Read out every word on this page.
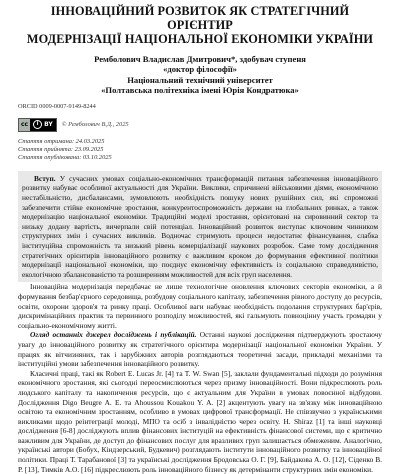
ІННОВАЦІЙНИЙ РОЗВИТОК ЯК СТРАТЕГІЧНИЙ ОРІЄНТИР
МОДЕРНІЗАЦІЇ НАЦІОНАЛЬНОЇ ЕКОНОМІКИ УКРАЇНИ
Ремболович Владислав Дмитрович*, здобувач ступеня
«доктор філософії»
Національний технічний університет
«Полтавська політехніка імені Юрія Кондратюка»
ORCID 0009-0007-9149-8244
cc	i BY © Ремболович В.Д., 2025
Стаття отримана: 24.03.2025
Стаття прийнята: 23.09.2025
Стаття опублікована: 03.10.2025
Вступ. У сучасних умовах соціально-економічних трансформацій питання забезпечення інноваційного розвитку набуває особливої актуальності для України. Виклики, спричинені військовими діями, економічною нестабільністю, дисбалансами, зумовлюють необхідність пошуку нових рушійних сил, які спроможні забезпечити стійке економічне зростання, конкурентоспроможність держави на глобальних ринках, а також модернізацію національної економіки. Традиційні моделі зростання, орієнтовані на сировинний сектор та низьку додану вартість, вичерпали свій потенціал. Інноваційний розвиток виступає ключовим чинником структурних змін і сучасних викликів. Водночас стримують процеси недостатнє фінансування, слабка інституційна спроможність та низький рівень комерціалізації наукових розробок. Саме тому дослідження стратегічних орієнтирів інноваційного розвитку є важливим кроком до формування ефективної політики модернізації національної економіки, що поєднує економічну ефективність із соціальною справедливістю, екологічною збалансованістю та розширенням можливостей для всіх груп населення.

Інноваційна модернізація передбачає не лише технологічне оновлення ключових секторів економіки, а й формування безбар'єрного середовища, розбудову соціального капіталу, забезпечення рівного доступу до ресурсів, освіти, охорони здоров'я та ринку праці. Особливої ваги набуває необхідність подолання структурних бар'єрів, дискримінаційних практик та первинного розподілу можливостей, які гальмують повноцінну участь громадян у соціально-економічному житті.

Огляд останніх джерел досліджень і публікацій. Останні наукові дослідження підтверджують зростаючу увагу до інноваційного розвитку як стратегічного орієнтира модернізації національної економіки України. У працях як вітчизняних, так і зарубіжних авторів розглядаються теоретичні засади, прикладні механізми та інституційні умови забезпечення інноваційного розвитку.

Класичні праці, такі як Robert E. Lucas Jr. [4] та T. W. Swan [5], заклали фундаментальні підходи до розуміння економічного зростання, які сьогодні переосмислюються через призму інноваційності. Вони підкреслюють роль людського капіталу та накопичення ресурсів, що є актуальним для України в умовах повоєнної відбудови. Дослідження Digo Beugre A. E. та Ahoussou Kouakou Y. A. [2] акцентують увагу на зв'язку між інноваційною освітою та економічним зростанням, особливо в умовах цифрової трансформації. Не співзвучно з українськими викликами щодо реінтеграції молоді, МПО та осіб з інвалідністю через освіту. Н. Shiraz [1] та інші науковці дослідження [6-8] досліджують вплив фінансових інституцій на ефективність фінансової системи, що є критично важливим для України, де доступ до фінансових послуг для вразливих груп залишається обмеженим. Аналогічно, українські автори (Бобух, Кіндзерський, Будкевич) розглядають інститути інноваційного розвитку та інноваційної політики. Праці Т. Тарабанової [3] та українські дослідження Бродовська О. Г. [9], Байдакова А. О. [12], Сіденко В. Р. [13], Тимків А.О. [16] підкреслюють роль інноваційного бізнесу як детермінанти структурних змін економіки.
